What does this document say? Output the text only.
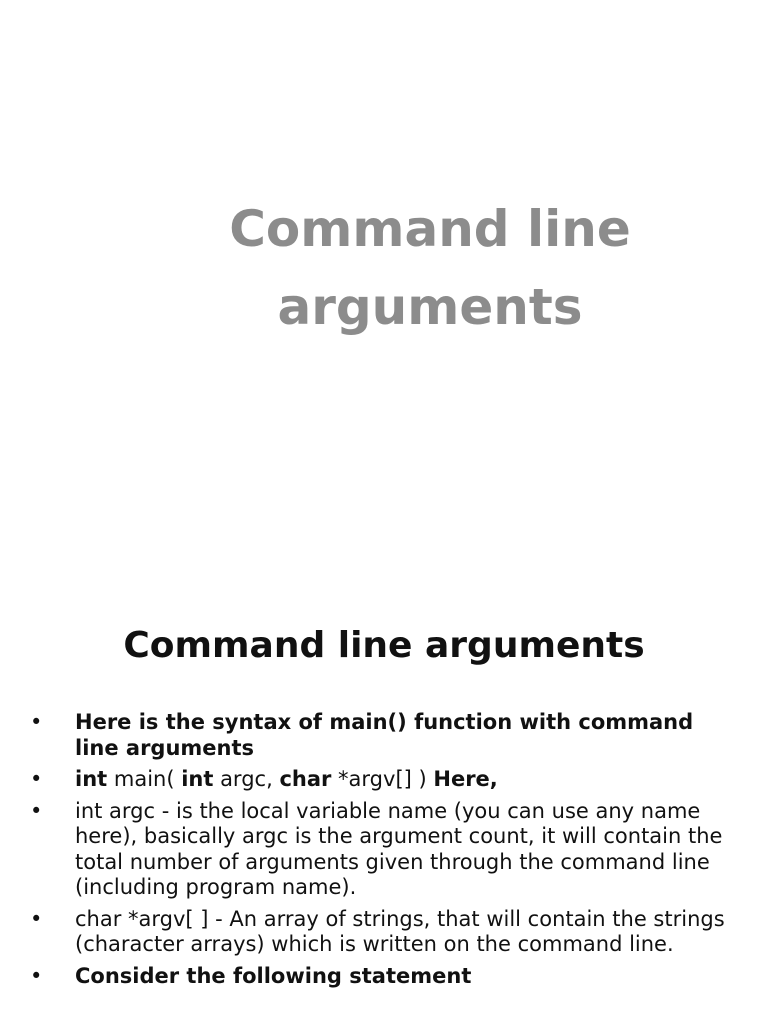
Command line
arguments
Command line arguments
•	Here is the syntax of main() function with command line arguments
•	int main( int argc, char *argv[] ) Here,
•	int argc - is the local variable name (you can use any name here), basically argc is the argument count, it will contain the total number of arguments given through the command line (including program name).
•	char *argv[ ] - An array of strings, that will contain the strings (character arrays) which is written on the command line.
•	Consider the following statement
